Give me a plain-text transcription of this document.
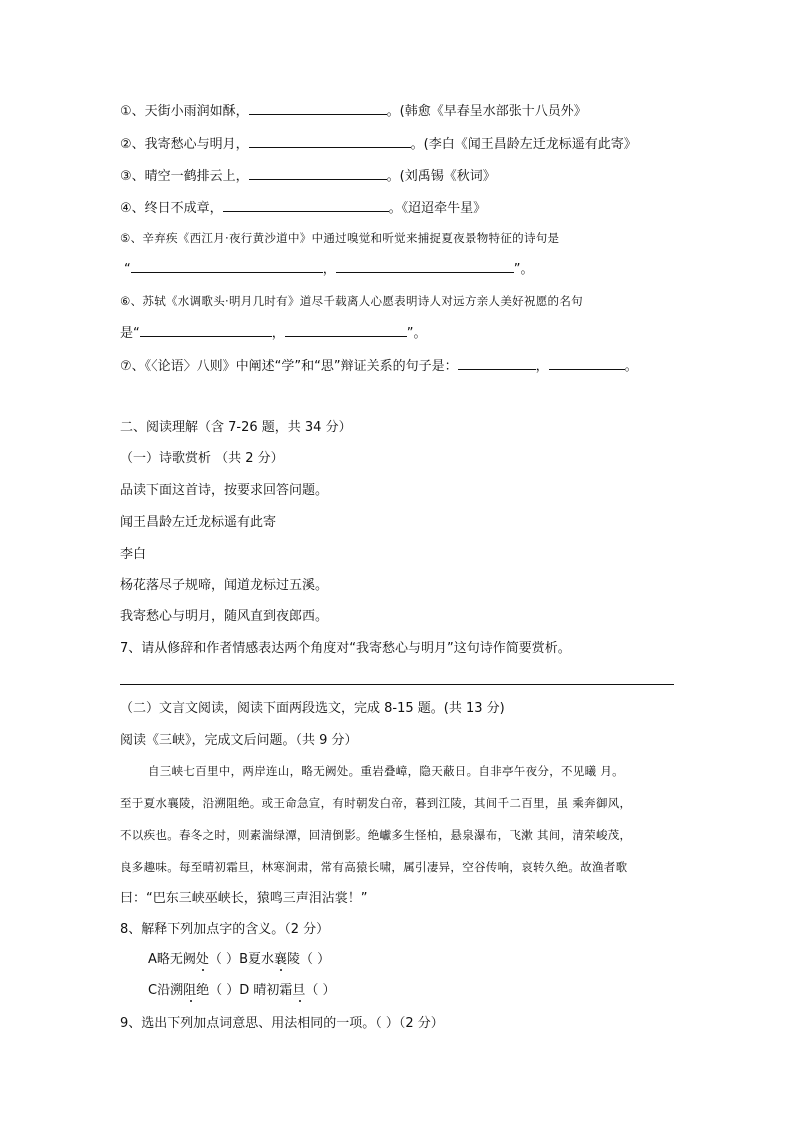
①、天街小雨润如酥，	。(韩愈《早春呈水部张十八员外》
②、我寄愁心与明月，	。(李白《闻王昌龄左迁龙标遥有此寄》
③、晴空一鹤排云上，	。(刘禹锡《秋词》
④、终日不成章，	。《迢迢牵牛星》
⑤、辛弃疾《西江月·夜行黄沙道中》中通过嗅觉和听觉来捕捉夏夜景物特征的诗句是
“	，	”。
⑥、苏轼《水调歌头·明月几时有》道尽千载离人心愿表明诗人对远方亲人美好祝愿的名句
是“	，	”。
⑦、《〈论语〉八则》中阐述“学”和“思”辩证关系的句子是：	，	。
二、阅读理解（含 7-26 题，共 34 分）
（一）诗歌赏析 （共 2 分）
品读下面这首诗，按要求回答问题。
闻王昌龄左迁龙标遥有此寄
李白
杨花落尽子规啼，闻道龙标过五溪。
我寄愁心与明月，随风直到夜郎西。
7、请从修辞和作者情感表达两个角度对“我寄愁心与明月”这句诗作简要赏析。
（二）文言文阅读，阅读下面两段选文，完成 8-15 题。(共 13 分)
阅读《三峡》，完成文后问题。（共 9 分）
自三峡七百里中，两岸连山，略无阙处。重岩叠嶂，隐天蔽日。自非亭午夜分，不见曦 月。
至于夏水襄陵，沿溯阻绝。或王命急宣，有时朝发白帝，暮到江陵，其间千二百里，虽 乘奔御风，
不以疾也。春冬之时，则素湍绿潭，回清倒影。绝巘多生怪柏，悬泉瀑布，飞漱 其间，清荣峻茂，
良多趣味。每至晴初霜旦，林寒涧肃，常有高猿长啸，属引凄异，空谷传响，哀转久绝。故渔者歌
曰：“巴东三峡巫峡长，猿鸣三声泪沾裳！”
8、解释下列加点字的含义。（2 分）
A略无阙处（ ）B夏水襄陵（ ）
C沿溯阻绝（ ）D 晴初霜旦（ ）
9、选出下列加点词意思、用法相同的一项。（ ）（2 分）
